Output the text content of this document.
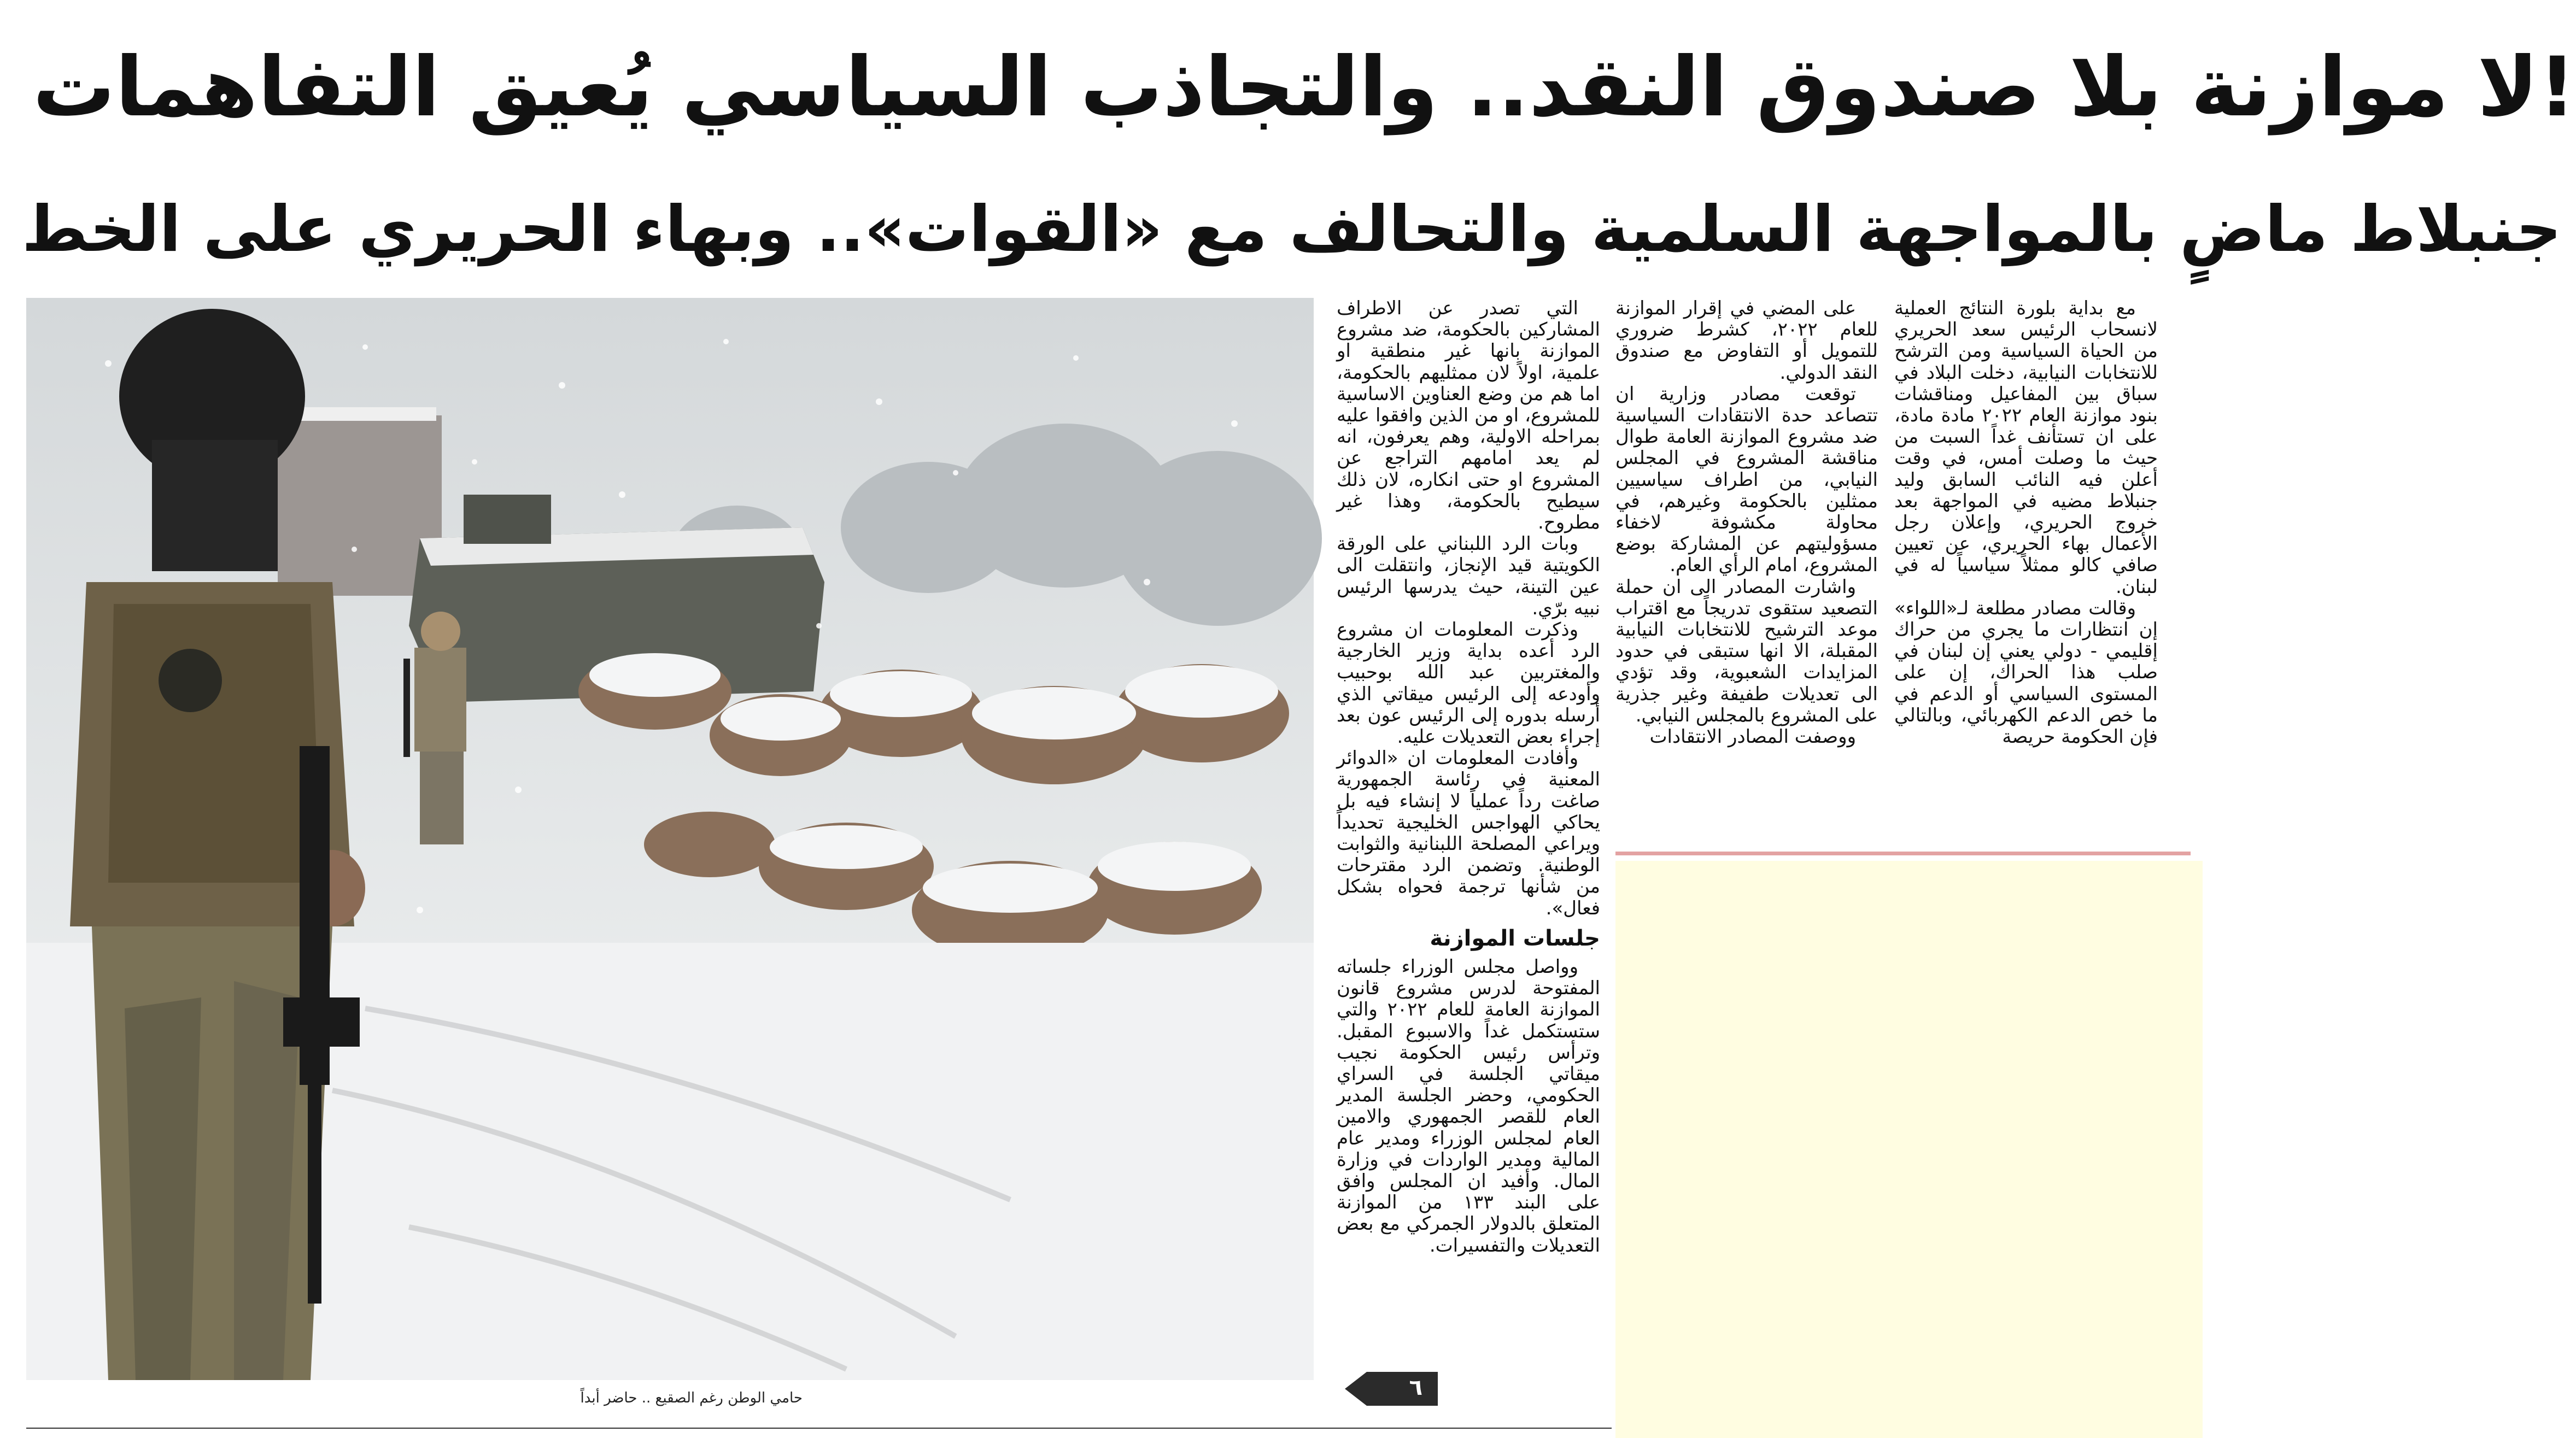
لا موازنة بلا صندوق النقد.. والتجاذب السياسي يُعيق التفاهمات!
جنبلاط ماضٍ بالمواجهة السلمية والتحالف مع «القوات».. وبهاء الحريري على الخط
حامي الوطن رغم الصقيع .. حاضر أبداً	٦

مع بداية بلورة النتائج العملية لانسحاب الرئيس سعد الحريري من الحياة السياسية ومن الترشح للانتخابات النيابية، دخلت البلاد في سباق بين المفاعيل ومناقشات بنود موازنة العام ٢٠٢٢ مادة مادة، على ان تستأنف غداً السبت من حيث ما وصلت أمس، في وقت أعلن فيه النائب السابق وليد جنبلاط مضيه في المواجهة بعد خروج الحريري، وإعلان رجل الأعمال بهاء الحريري، عن تعيين صافي كالو ممثلاً سياسياً له في لبنان.

وقالت مصادر مطلعة لـ«اللواء» إن انتظارات ما يجري من حراك إقليمي - دولي يعني إن لبنان في صلب هذا الحراك، إن على المستوى السياسي أو الدعم في ما خص الدعم الكهربائي، وبالتالي فإن الحكومة حريصة

على المضي في إقرار الموازنة للعام ٢٠٢٢، كشرط ضروري للتمويل أو التفاوض مع صندوق النقد الدولي.

توقعت مصادر وزارية ان تتصاعد حدة الانتقادات السياسية ضد مشروع الموازنة العامة طوال مناقشة المشروع في المجلس النيابي، من اطراف سياسيين ممثلين بالحكومة وغيرهم، في محاولة مكشوفة لاخفاء مسؤوليتهم عن المشاركة بوضع المشروع، امام الرأي العام.

واشارت المصادر الى ان حملة التصعيد ستقوى تدريجاً مع اقتراب موعد الترشيح للانتخابات النيابية المقبلة، الا انها ستبقى في حدود المزايدات الشعبوية، وقد تؤدي الى تعديلات طفيفة وغير جذرية على المشروع بالمجلس النيابي.

ووصفت المصادر الانتقادات

التي تصدر عن الاطراف المشاركين بالحكومة، ضد مشروع الموازنة بانها غير منطقية او علمية، اولاً لان ممثليهم بالحكومة، اما هم من وضع العناوين الاساسية للمشروع، او من الذين وافقوا عليه بمراحله الاولية، وهم يعرفون، انه لم يعد امامهم التراجع عن المشروع او حتى انكاره، لان ذلك سيطيح بالحكومة، وهذا غير مطروح.

وبات الرد اللبناني على الورقة الكويتية قيد الإنجاز، وانتقلت الى عين التينة، حيث يدرسها الرئيس نبيه برّي.

وذكرت المعلومات ان مشروع الرد أعده بداية وزير الخارجية والمغتربين عبد الله بوحبيب وأودعه إلى الرئيس ميقاتي الذي أرسله بدوره إلى الرئيس عون بعد إجراء بعض التعديلات عليه.

وأفادت المعلومات ان «الدوائر المعنية في رئاسة الجمهورية صاغت رداً عملياً لا إنشاء فيه بل يحاكي الهواجس الخليجية تحديداً ويراعي المصلحة اللبنانية والثوابت الوطنية. وتضمن الرد مقترحات من شأنها ترجمة فحواه بشكل فعال».

جلسات الموازنة

وواصل مجلس الوزراء جلساته المفتوحة لدرس مشروع قانون الموازنة العامة للعام ٢٠٢٢ والتي ستستكمل غداً والاسبوع المقبل. وترأس رئيس الحكومة نجيب ميقاتي الجلسة في السراي الحكومي، وحضر الجلسة المدير العام للقصر الجمهوري والامين العام لمجلس الوزراء ومدير عام المالية ومدير الواردات في وزارة المال. وأفيد ان المجلس وافق على البند ١٣٣ من الموازنة المتعلق بالدولار الجمركي مع بعض التعديلات والتفسيرات.
